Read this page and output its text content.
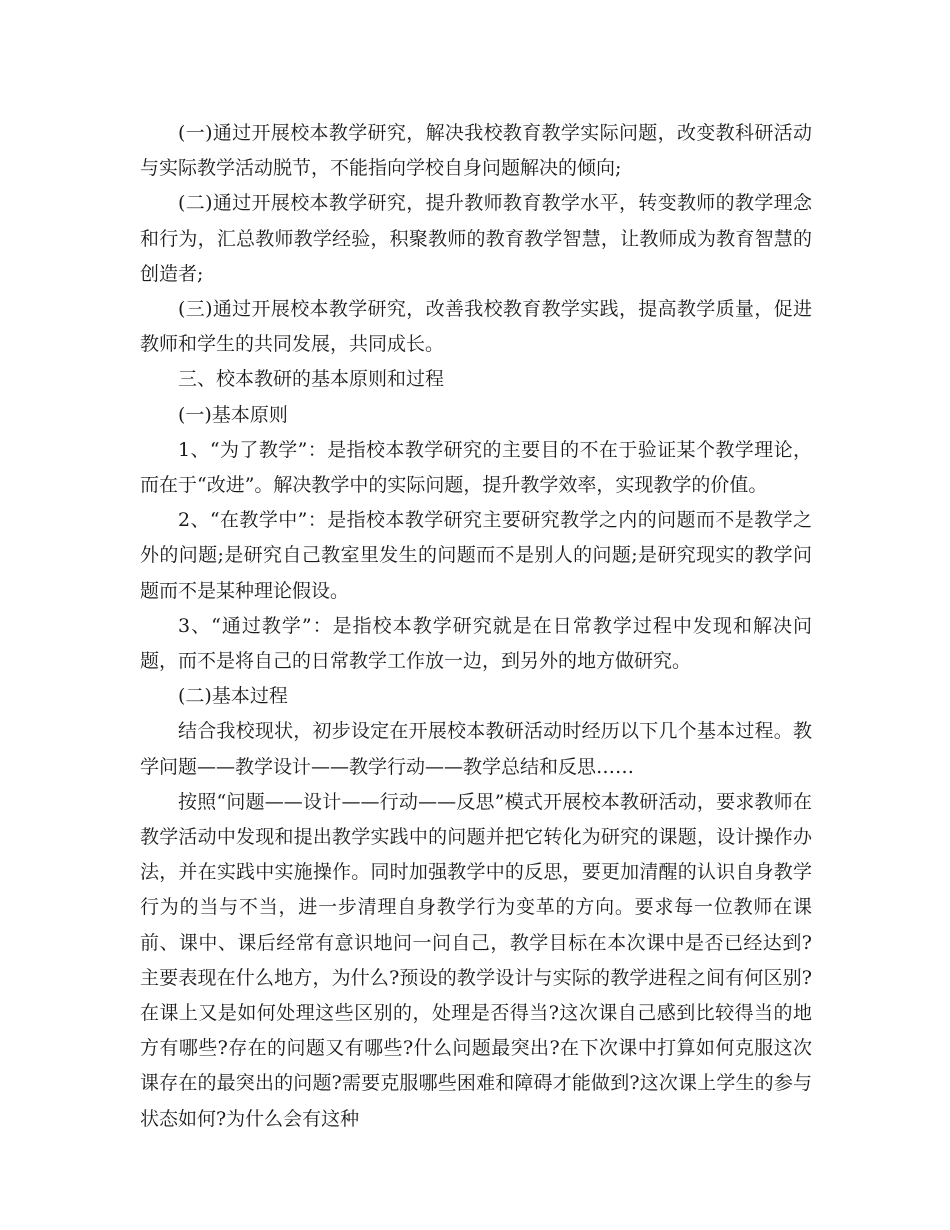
(一)通过开展校本教学研究，解决我校教育教学实际问题，改变教科研活动与实际教学活动脱节，不能指向学校自身问题解决的倾向;

(二)通过开展校本教学研究，提升教师教育教学水平，转变教师的教学理念和行为，汇总教师教学经验，积聚教师的教育教学智慧，让教师成为教育智慧的创造者;

(三)通过开展校本教学研究，改善我校教育教学实践，提高教学质量，促进教师和学生的共同发展，共同成长。

三、校本教研的基本原则和过程

(一)基本原则

1、“为了教学”：是指校本教学研究的主要目的不在于验证某个教学理论，而在于“改进”。解决教学中的实际问题，提升教学效率，实现教学的价值。

2、“在教学中”：是指校本教学研究主要研究教学之内的问题而不是教学之外的问题;是研究自己教室里发生的问题而不是别人的问题;是研究现实的教学问题而不是某种理论假设。

3、“通过教学”：是指校本教学研究就是在日常教学过程中发现和解决问题，而不是将自己的日常教学工作放一边，到另外的地方做研究。

(二)基本过程

结合我校现状，初步设定在开展校本教研活动时经历以下几个基本过程。教学问题——教学设计——教学行动——教学总结和反思……

按照“问题——设计——行动——反思”模式开展校本教研活动，要求教师在教学活动中发现和提出教学实践中的问题并把它转化为研究的课题，设计操作办法，并在实践中实施操作。同时加强教学中的反思，要更加清醒的认识自身教学行为的当与不当，进一步清理自身教学行为变革的方向。要求每一位教师在课前、课中、课后经常有意识地问一问自己，教学目标在本次课中是否已经达到?主要表现在什么地方，为什么?预设的教学设计与实际的教学进程之间有何区别?在课上又是如何处理这些区别的，处理是否得当?这次课自己感到比较得当的地方有哪些?存在的问题又有哪些?什么问题最突出?在下次课中打算如何克服这次课存在的最突出的问题?需要克服哪些困难和障碍才能做到?这次课上学生的参与状态如何?为什么会有这种
